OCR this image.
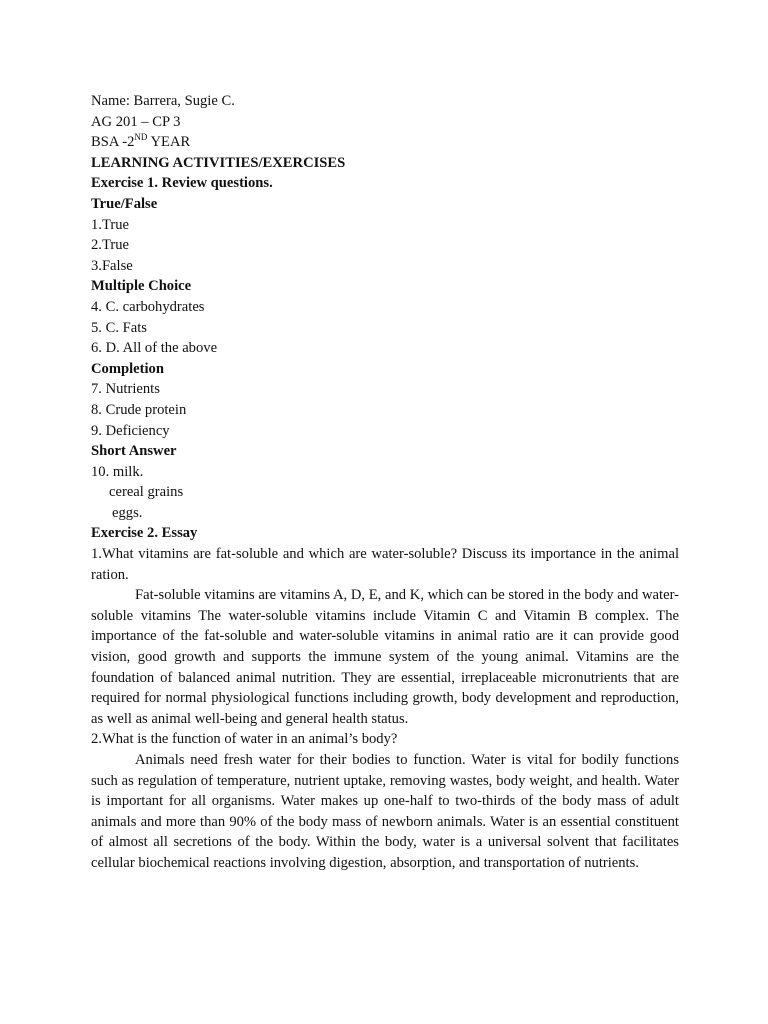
Name: Barrera, Sugie C.

AG 201 – CP 3

BSA -2ND YEAR

LEARNING ACTIVITIES/EXERCISES

Exercise 1. Review questions.

True/False

1.True

2.True

3.False

Multiple Choice

4. C. carbohydrates

5. C. Fats

6. D. All of the above

Completion

7. Nutrients

8. Crude protein

9. Deficiency

Short Answer

10. milk.

cereal grains

eggs.

Exercise 2. Essay

1.What vitamins are fat-soluble and which are water-soluble? Discuss its importance in the animal ration.

Fat-soluble vitamins are vitamins A, D, E, and K, which can be stored in the body and water-soluble vitamins The water-soluble vitamins include Vitamin C and Vitamin B complex. The importance of the fat-soluble and water-soluble vitamins in animal ratio are it can provide good vision, good growth and supports the immune system of the young animal. Vitamins are the foundation of balanced animal nutrition. They are essential, irreplaceable micronutrients that are required for normal physiological functions including growth, body development and reproduction, as well as animal well-being and general health status.

2.What is the function of water in an animal’s body?

Animals need fresh water for their bodies to function. Water is vital for bodily functions such as regulation of temperature, nutrient uptake, removing wastes, body weight, and health. Water is important for all organisms. Water makes up one-half to two-thirds of the body mass of adult animals and more than 90% of the body mass of newborn animals. Water is an essential constituent of almost all secretions of the body. Within the body, water is a universal solvent that facilitates cellular biochemical reactions involving digestion, absorption, and transportation of nutrients.
